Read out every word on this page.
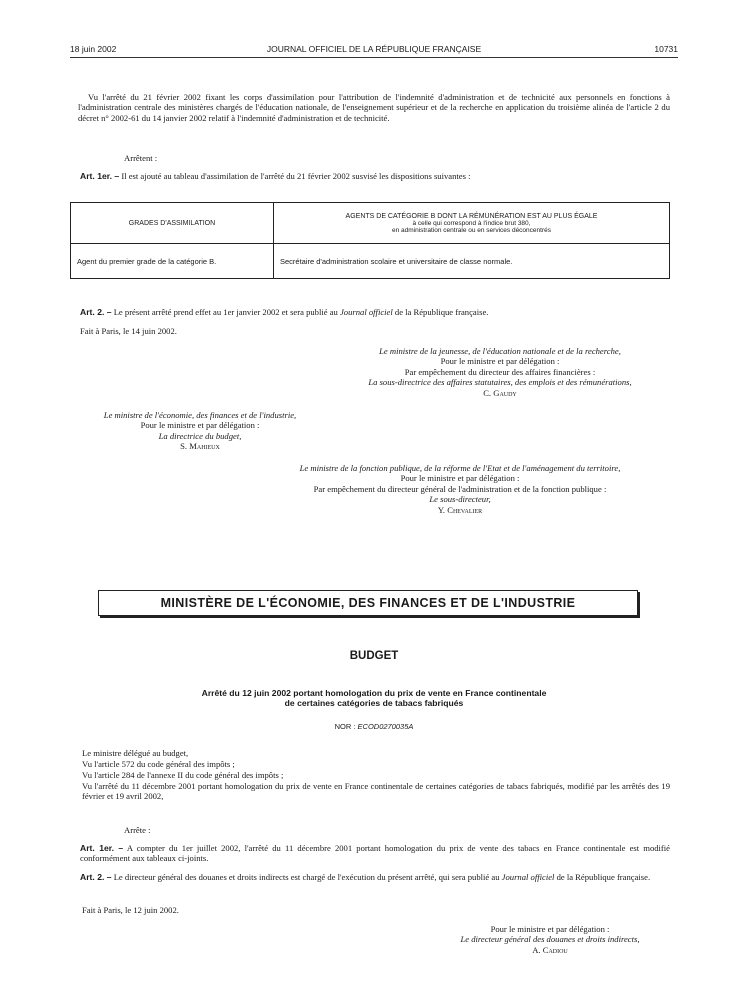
18 juin 2002	JOURNAL OFFICIEL DE LA RÉPUBLIQUE FRANÇAISE	10731
Vu l'arrêté du 21 février 2002 fixant les corps d'assimilation pour l'attribution de l'indemnité d'administration et de technicité aux personnels en fonctions à l'administration centrale des ministères chargés de l'éducation nationale, de l'enseignement supérieur et de la recherche en application du troisième alinéa de l'article 2 du décret n° 2002-61 du 14 janvier 2002 relatif à l'indemnité d'administration et de technicité.
Arrêtent :
Art. 1er. – Il est ajouté au tableau d'assimilation de l'arrêté du 21 février 2002 susvisé les dispositions suivantes :
GRADES D'ASSIMILATION	AGENTS DE CATÉGORIE B DONT LA RÉMUNÉRATION EST AU PLUS ÉGALE
à celle qui correspond à l'indice brut 380,
en administration centrale ou en services déconcentrés

Agent du premier grade de la catégorie B.	Secrétaire d'administration scolaire et universitaire de classe normale.
Art. 2. – Le présent arrêté prend effet au 1er janvier 2002 et sera publié au Journal officiel de la République française.
Fait à Paris, le 14 juin 2002.
Le ministre de la jeunesse, de l'éducation nationale et de la recherche,
Pour le ministre et par délégation :
Par empêchement du directeur des affaires financières :
La sous-directrice des affaires statutaires, des emplois et des rémunérations,
C. Gaudy
Le ministre de l'économie, des finances et de l'industrie,
Pour le ministre et par délégation :
La directrice du budget,
S. Mahieux
Le ministre de la fonction publique, de la réforme de l'Etat et de l'aménagement du territoire,
Pour le ministre et par délégation :
Par empêchement du directeur général de l'administration et de la fonction publique :
Le sous-directeur,
Y. Chevalier
MINISTÈRE DE L'ÉCONOMIE, DES FINANCES ET DE L'INDUSTRIE
BUDGET
Arrêté du 12 juin 2002 portant homologation du prix de vente en France continentale
de certaines catégories de tabacs fabriqués
NOR : ECOD0270035A
Le ministre délégué au budget,
Vu l'article 572 du code général des impôts ;
Vu l'article 284 de l'annexe II du code général des impôts ;
Vu l'arrêté du 11 décembre 2001 portant homologation du prix de vente en France continentale de certaines catégories de tabacs fabriqués, modifié par les arrêtés des 19 février et 19 avril 2002,
Arrête :
Art. 1er. – A compter du 1er juillet 2002, l'arrêté du 11 décembre 2001 portant homologation du prix de vente des tabacs en France continentale est modifié conformément aux tableaux ci-joints.
Art. 2. – Le directeur général des douanes et droits indirects est chargé de l'exécution du présent arrêté, qui sera publié au Journal officiel de la République française.
Fait à Paris, le 12 juin 2002.
Pour le ministre et par délégation :
Le directeur général des douanes et droits indirects,
A. Cadiou
